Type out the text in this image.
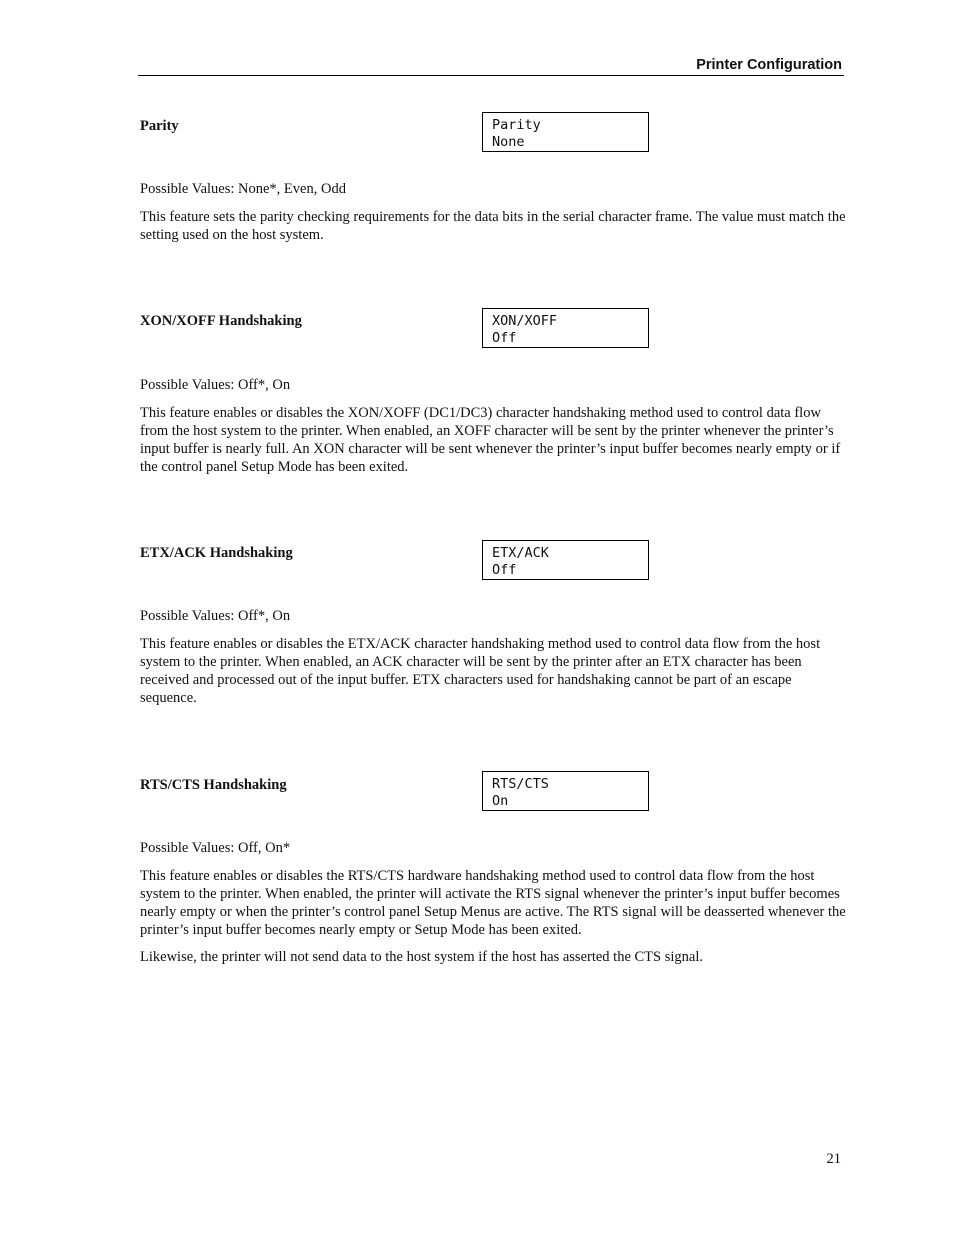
Printer Configuration
Parity	Parity
None
Possible Values: None*, Even, Odd
This feature sets the parity checking requirements for the data bits in the serial character frame. The value must match the setting used on the host system.
XON/XOFF Handshaking	XON/XOFF
Off
Possible Values: Off*, On
This feature enables or disables the XON/XOFF (DC1/DC3) character handshaking method used to control data flow from the host system to the printer. When enabled, an XOFF character will be sent by the printer whenever the printer’s input buffer is nearly full. An XON character will be sent whenever the printer’s input buffer becomes nearly empty or if the control panel Setup Mode has been exited.
ETX/ACK Handshaking	ETX/ACK
Off
Possible Values: Off*, On
This feature enables or disables the ETX/ACK character handshaking method used to control data flow from the host system to the printer. When enabled, an ACK character will be sent by the printer after an ETX character has been received and processed out of the input buffer. ETX characters used for handshaking cannot be part of an escape sequence.
RTS/CTS Handshaking	RTS/CTS
On
Possible Values: Off, On*
This feature enables or disables the RTS/CTS hardware handshaking method used to control data flow from the host system to the printer. When enabled, the printer will activate the RTS signal whenever the printer’s input buffer becomes nearly empty or when the printer’s control panel Setup Menus are active. The RTS signal will be deasserted whenever the printer’s input buffer becomes nearly empty or Setup Mode has been exited.
Likewise, the printer will not send data to the host system if the host has asserted the CTS signal.
21
